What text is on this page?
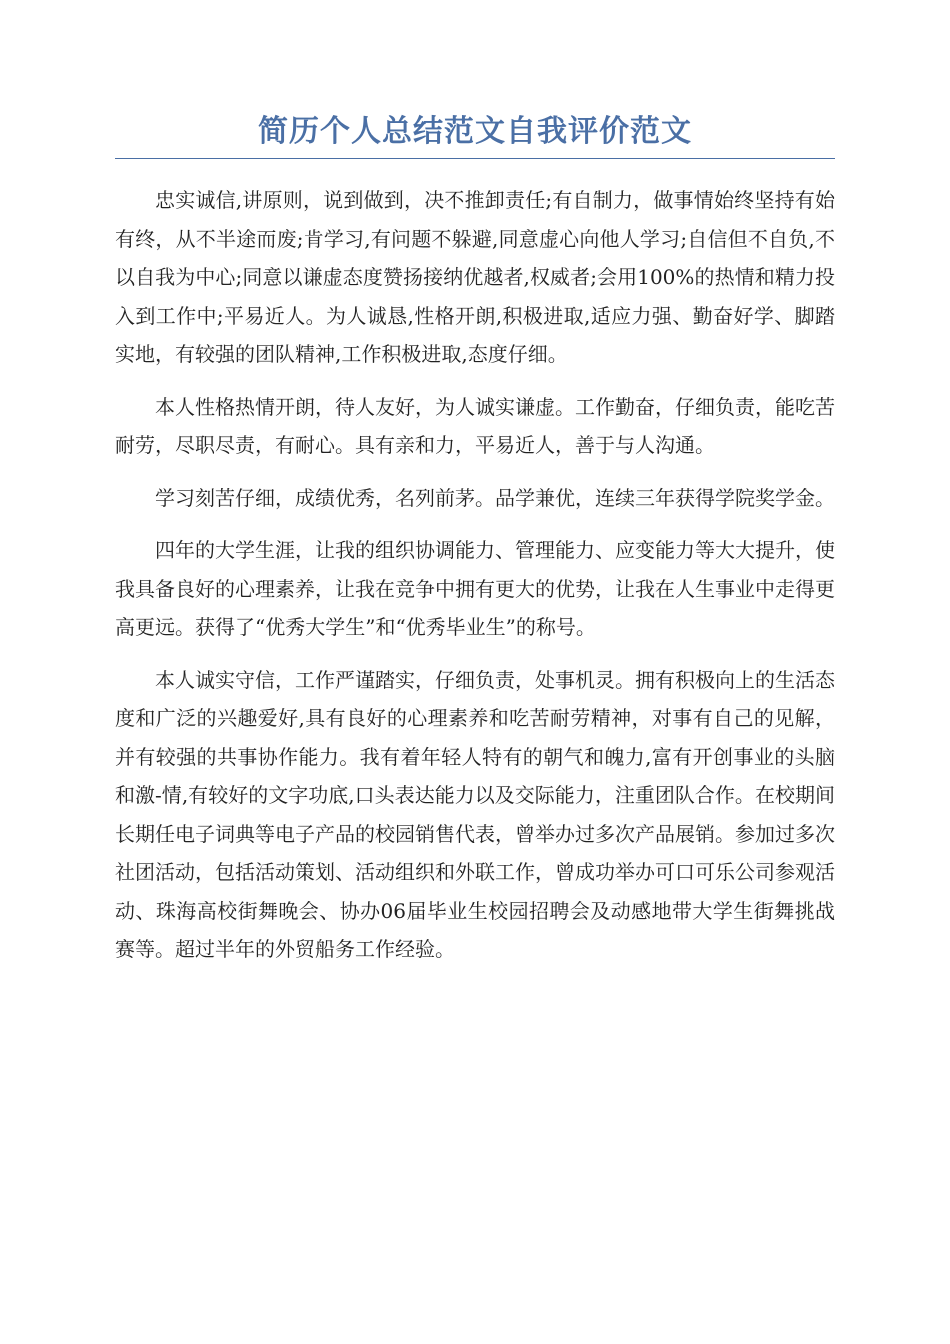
简历个人总结范文自我评价范文

忠实诚信,讲原则，说到做到，决不推卸责任;有自制力，做事情始终坚持有始有终，从不半途而废;肯学习,有问题不躲避,同意虚心向他人学习;自信但不自负,不以自我为中心;同意以谦虚态度赞扬接纳优越者,权威者;会用100%的热情和精力投入到工作中;平易近人。为人诚恳,性格开朗,积极进取,适应力强、勤奋好学、脚踏实地，有较强的团队精神,工作积极进取,态度仔细。

本人性格热情开朗，待人友好，为人诚实谦虚。工作勤奋，仔细负责，能吃苦耐劳，尽职尽责，有耐心。具有亲和力，平易近人，善于与人沟通。

学习刻苦仔细，成绩优秀，名列前茅。品学兼优，连续三年获得学院奖学金。

四年的大学生涯，让我的组织协调能力、管理能力、应变能力等大大提升，使我具备良好的心理素养，让我在竞争中拥有更大的优势，让我在人生事业中走得更高更远。获得了“优秀大学生”和“优秀毕业生”的称号。

本人诚实守信，工作严谨踏实，仔细负责，处事机灵。拥有积极向上的生活态度和广泛的兴趣爱好,具有良好的心理素养和吃苦耐劳精神，对事有自己的见解，并有较强的共事协作能力。我有着年轻人特有的朝气和魄力,富有开创事业的头脑和激-情,有较好的文字功底,口头表达能力以及交际能力，注重团队合作。在校期间长期任电子词典等电子产品的校园销售代表，曾举办过多次产品展销。参加过多次社团活动，包括活动策划、活动组织和外联工作，曾成功举办可口可乐公司参观活动、珠海高校街舞晚会、协办06届毕业生校园招聘会及动感地带大学生街舞挑战赛等。超过半年的外贸船务工作经验。
